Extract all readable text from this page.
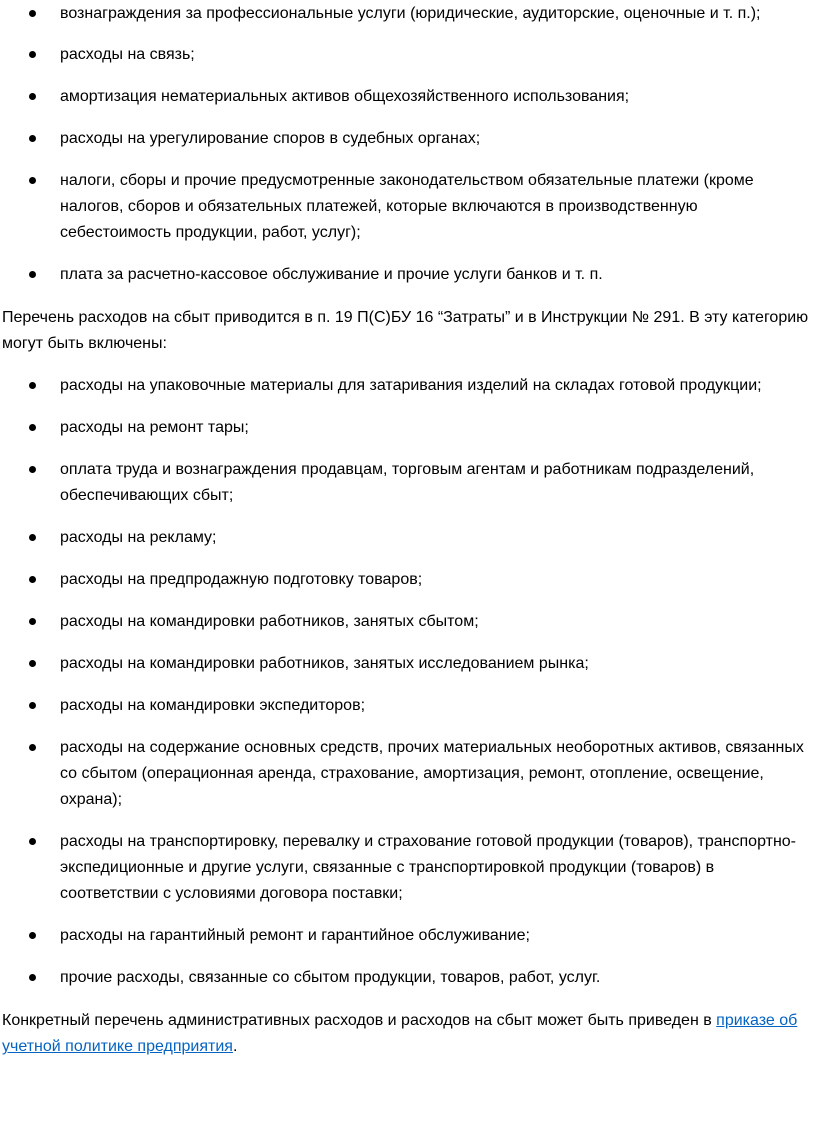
вознаграждения за профессиональные услуги (юридические, аудиторские, оценочные и т. п.);
расходы на связь;
амортизация нематериальных активов общехозяйственного использования;
расходы на урегулирование споров в судебных органах;
налоги, сборы и прочие предусмотренные законодательством обязательные платежи (кроме налогов, сборов и обязательных платежей, которые включаются в производственную себестоимость продукции, работ, услуг);
плата за расчетно-кассовое обслуживание и прочие услуги банков и т. п.

Перечень расходов на сбыт приводится в п. 19 П(С)БУ 16 “Затраты” и в Инструкции № 291. В эту категорию могут быть включены:

расходы на упаковочные материалы для затаривания изделий на складах готовой продукции;
расходы на ремонт тары;
оплата труда и вознаграждения продавцам, торговым агентам и работникам подразделений, обеспечивающих сбыт;
расходы на рекламу;
расходы на предпродажную подготовку товаров;
расходы на командировки работников, занятых сбытом;
расходы на командировки работников, занятых исследованием рынка;
расходы на командировки экспедиторов;
расходы на содержание основных средств, прочих материальных необоротных активов, связанных со сбытом (операционная аренда, страхование, амортизация, ремонт, отопление, освещение, охрана);
расходы на транспортировку, перевалку и страхование готовой продукции (товаров), транспортно-экспедиционные и другие услуги, связанные с транспортировкой продукции (товаров) в соответствии с условиями договора поставки;
расходы на гарантийный ремонт и гарантийное обслуживание;
прочие расходы, связанные со сбытом продукции, товаров, работ, услуг.

Конкретный перечень административных расходов и расходов на сбыт может быть приведен в приказе об учетной политике предприятия.
